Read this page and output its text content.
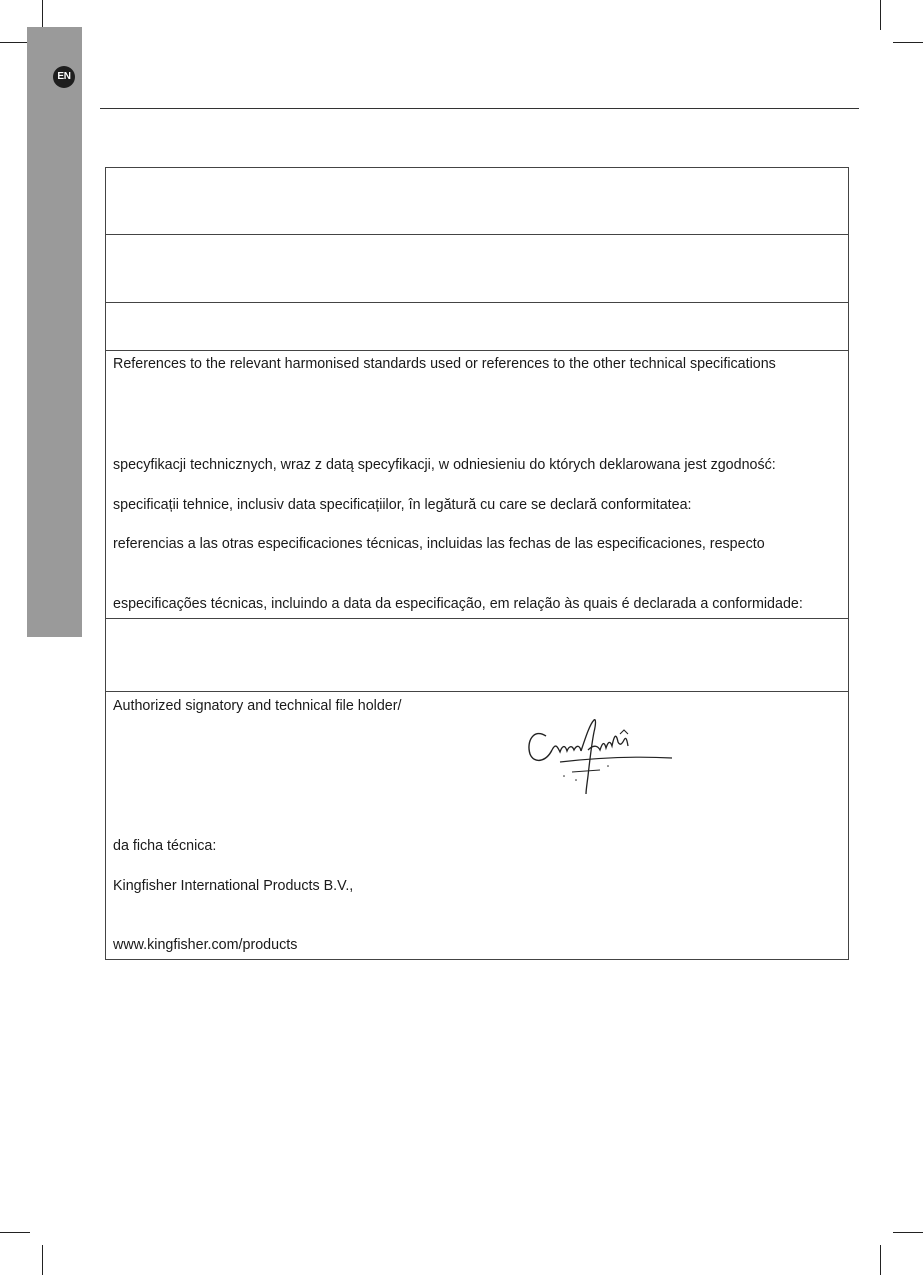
EN
References to the relevant harmonised standards used or references to the other technical specifications
specyfikacji technicznych, wraz z datą specyfikacji, w odniesieniu do których deklarowana jest zgodność:
specificații tehnice, inclusiv data specificațiilor, în legătură cu care se declară conformitatea:
referencias a las otras especificaciones técnicas, incluidas las fechas de las especificaciones, respecto
especificações técnicas, incluindo a data da especificação, em relação às quais é declarada a conformidade:
Authorized signatory and technical file holder/
da ficha técnica:
Kingfisher International Products B.V.,
www.kingfisher.com/products
